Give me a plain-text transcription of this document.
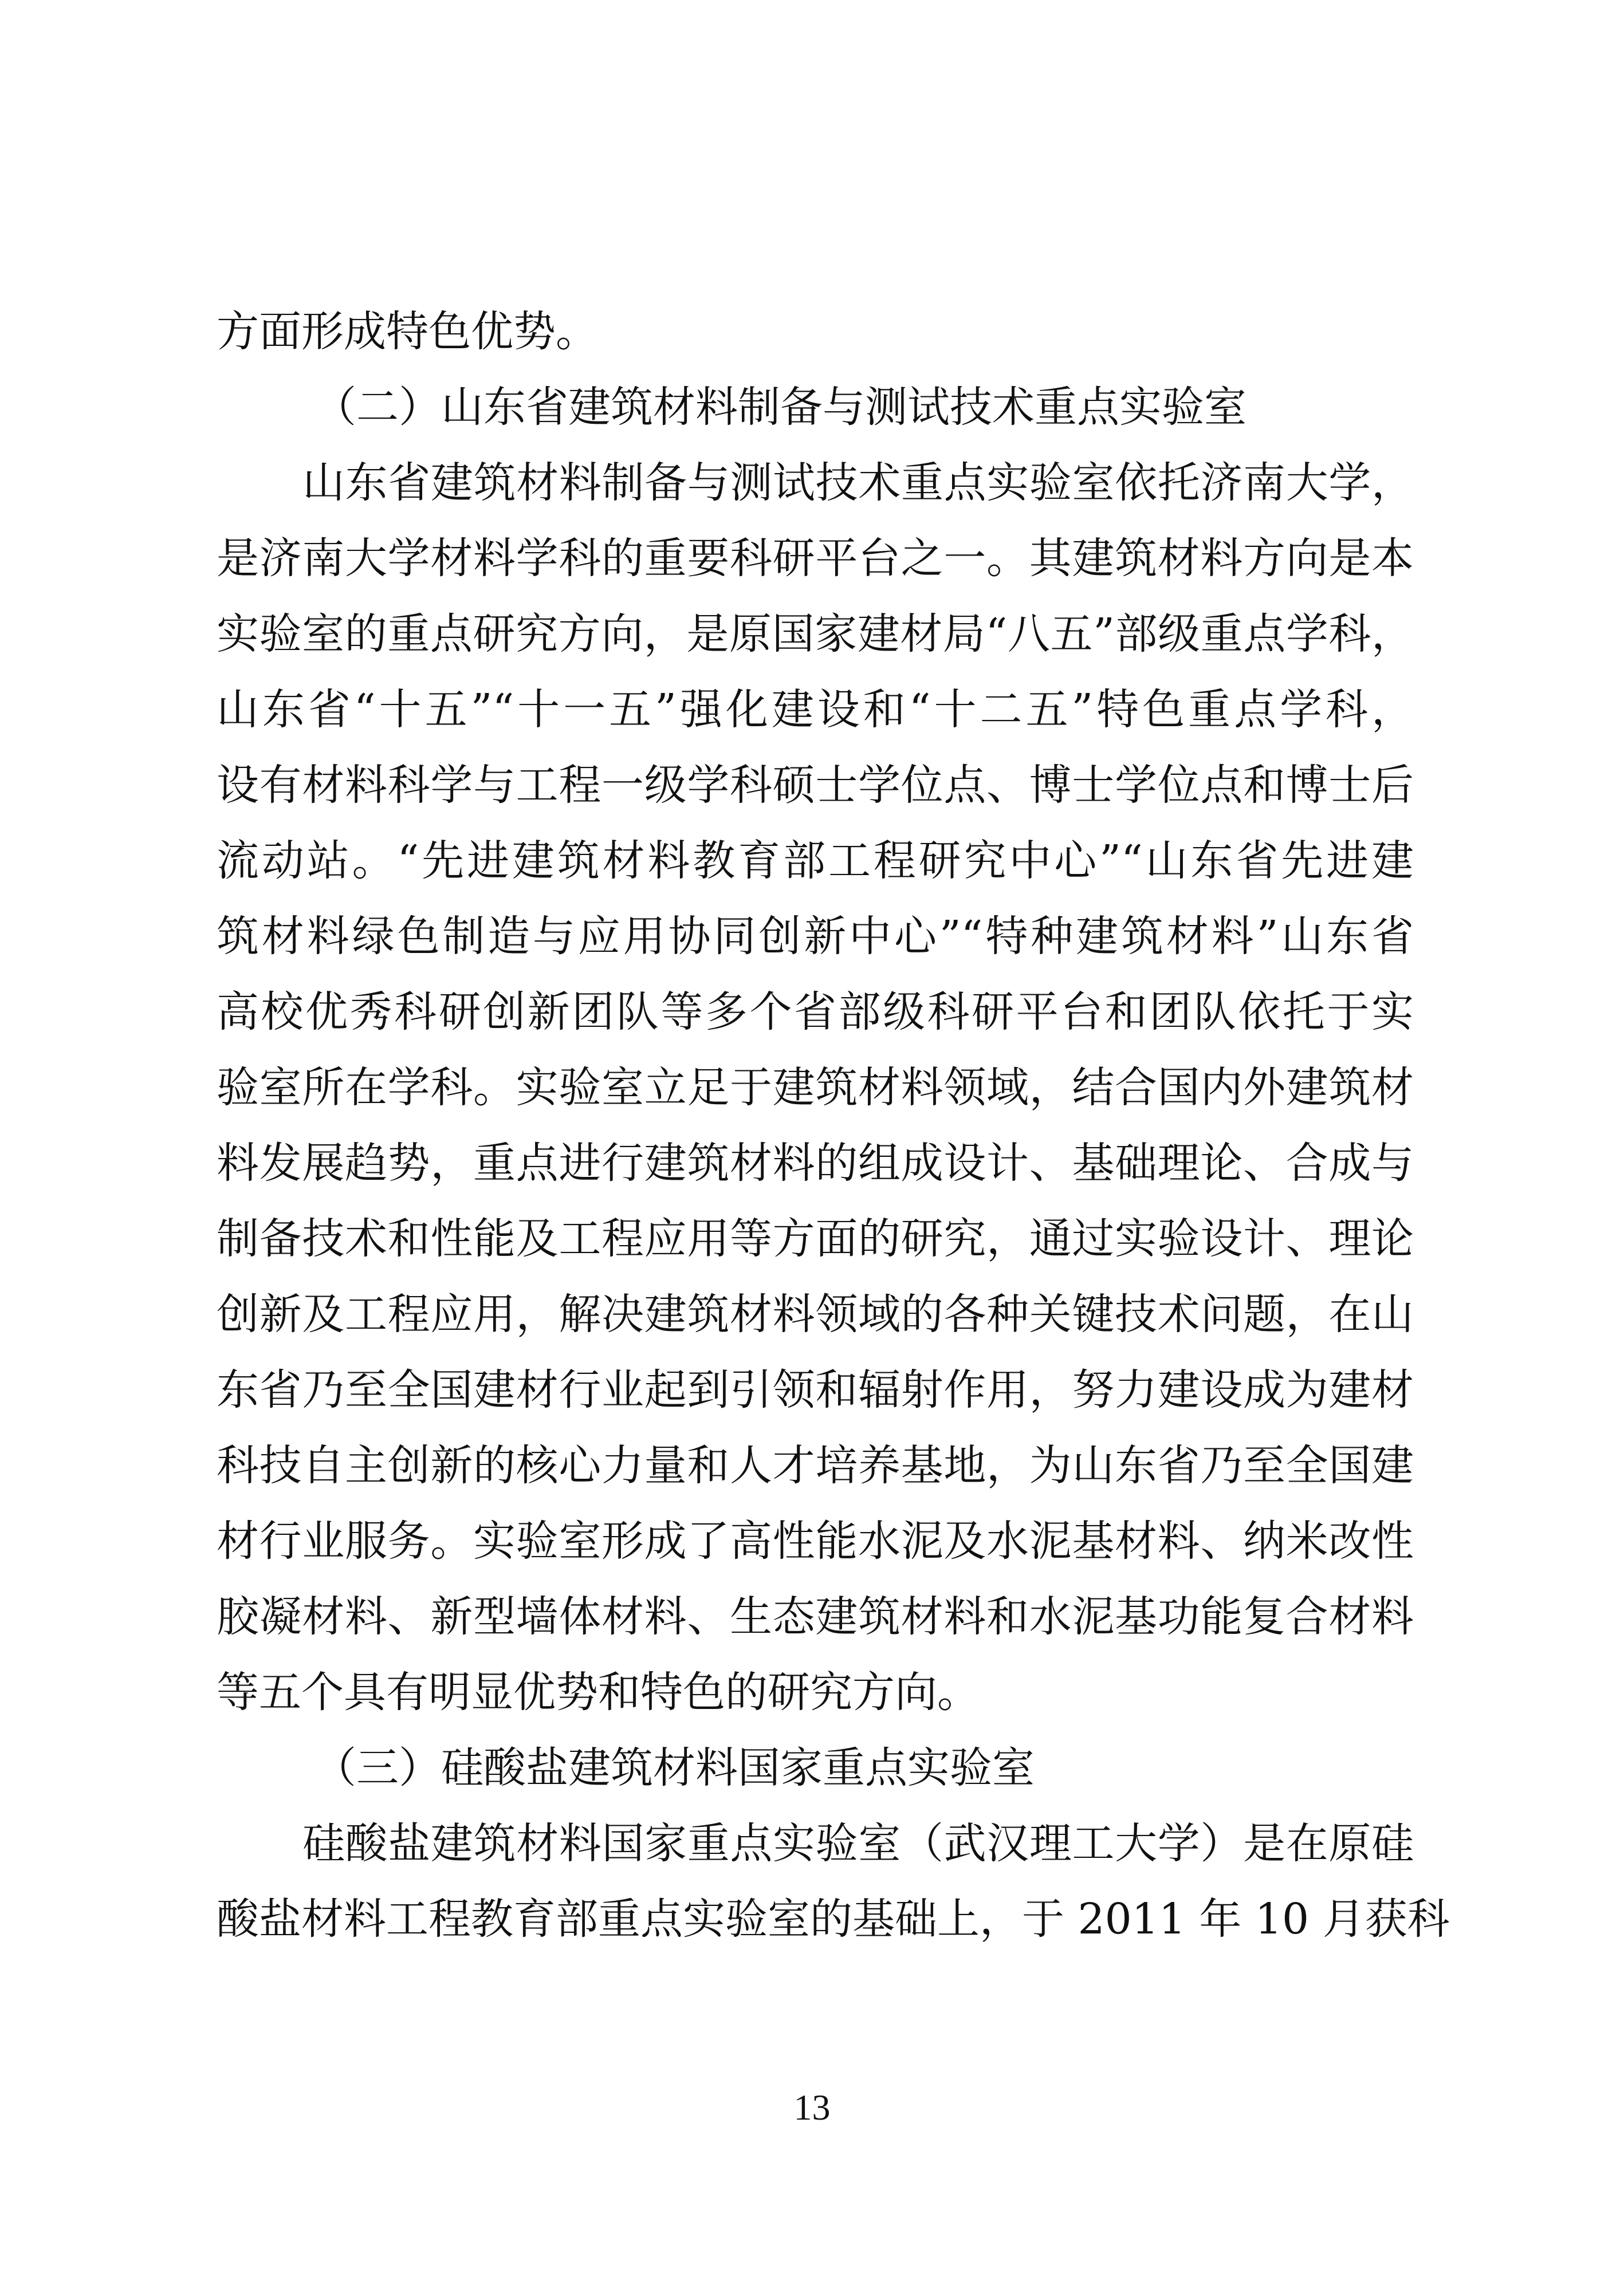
方面形成特色优势。
（二）山东省建筑材料制备与测试技术重点实验室
山东省建筑材料制备与测试技术重点实验室依托济南大学，
是济南大学材料学科的重要科研平台之一。其建筑材料方向是本
实验室的重点研究方向，是原国家建材局“八五”部级重点学科，
山东省“十五”“十一五”强化建设和“十二五”特色重点学科，
设有材料科学与工程一级学科硕士学位点、博士学位点和博士后
流动站。“先进建筑材料教育部工程研究中心”“山东省先进建
筑材料绿色制造与应用协同创新中心”“特种建筑材料”山东省
高校优秀科研创新团队等多个省部级科研平台和团队依托于实
验室所在学科。实验室立足于建筑材料领域，结合国内外建筑材
料发展趋势，重点进行建筑材料的组成设计、基础理论、合成与
制备技术和性能及工程应用等方面的研究，通过实验设计、理论
创新及工程应用，解决建筑材料领域的各种关键技术问题，在山
东省乃至全国建材行业起到引领和辐射作用，努力建设成为建材
科技自主创新的核心力量和人才培养基地，为山东省乃至全国建
材行业服务。实验室形成了高性能水泥及水泥基材料、纳米改性
胶凝材料、新型墙体材料、生态建筑材料和水泥基功能复合材料
等五个具有明显优势和特色的研究方向。
（三）硅酸盐建筑材料国家重点实验室
硅酸盐建筑材料国家重点实验室（武汉理工大学）是在原硅
酸盐材料工程教育部重点实验室的基础上，于 2011 年 10 月获科
13
